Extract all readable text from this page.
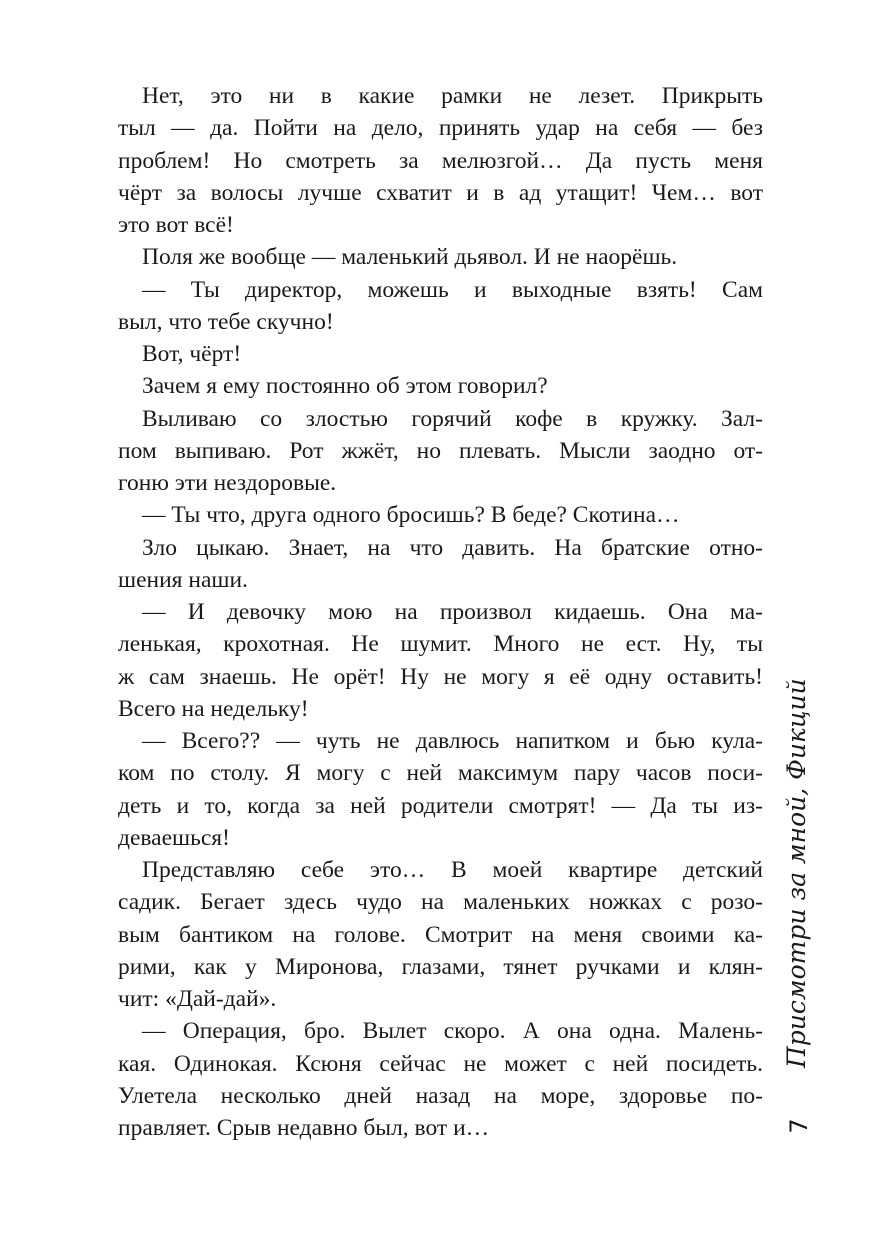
Нет, это ни в какие рамки не лезет. Прикрыть
тыл — да. Пойти на дело, принять удар на себя — без
проблем! Но смотреть за мелюзгой… Да пусть меня
чёрт за волосы лучше схватит и в ад утащит! Чем… вот
это вот всё!
Поля же вообще — маленький дьявол. И не наорёшь.
— Ты директор, можешь и выходные взять! Сам
выл, что тебе скучно!
Вот, чёрт!
Зачем я ему постоянно об этом говорил?
Выливаю со злостью горячий кофе в кружку. Зал-
пом выпиваю. Рот жжёт, но плевать. Мысли заодно от-
гоню эти нездоровые.
— Ты что, друга одного бросишь? В беде? Скотина…
Зло цыкаю. Знает, на что давить. На братские отно-
шения наши.
— И девочку мою на произвол кидаешь. Она ма-
ленькая, крохотная. Не шумит. Много не ест. Ну, ты
ж сам знаешь. Не орёт! Ну не могу я её одну оставить!
Всего на недельку!
— Всего?? — чуть не давлюсь напитком и бью кула-
ком по столу. Я могу с ней максимум пару часов поси-
деть и то, когда за ней родители смотрят! — Да ты из-
деваешься!
Представляю себе это… В моей квартире детский
садик. Бегает здесь чудо на маленьких ножках с розо-
вым бантиком на голове. Смотрит на меня своими ка-
рими, как у Миронова, глазами, тянет ручками и клян-
чит: «Дай-дай».
— Операция, бро. Вылет скоро. А она одна. Малень-
кая. Одинокая. Ксюня сейчас не может с ней посидеть.
Улетела несколько дней назад на море, здоровье по-
правляет. Срыв недавно был, вот и…
Присмотри за мной, Фикций
7
